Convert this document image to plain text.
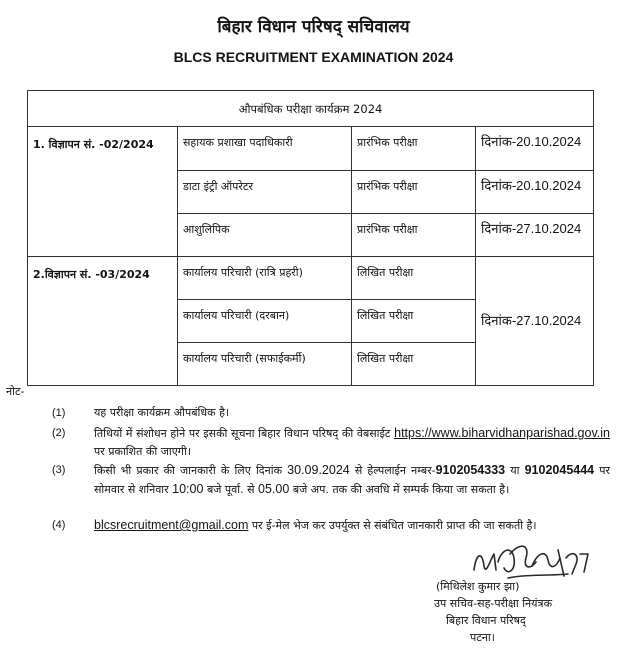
बिहार विधान परिषद् सचिवालय
BLCS RECRUITMENT EXAMINATION 2024
औपबंधिक परीक्षा कार्यक्रम 2024			
1. विज्ञापन सं. -02/2024	सहायक प्रशाखा पदाधिकारी	प्रारंभिक परीक्षा	दिनांक-20.10.2024
	डाटा इंट्री ऑपरेटर	प्रारंभिक परीक्षा	दिनांक-20.10.2024
	आशुलिपिक	प्रारंभिक परीक्षा	दिनांक-27.10.2024
2.विज्ञापन सं. -03/2024	कार्यालय परिचारी (रात्रि प्रहरी)	लिखित परीक्षा	दिनांक-27.10.2024
	कार्यालय परिचारी (दरबान)	लिखित परीक्षा	
	कार्यालय परिचारी (सफाईकर्मी)	लिखित परीक्षा	
नोट-
(1)	यह परीक्षा कार्यक्रम औपबंधिक है।
(2)	तिथियों में संशोधन होने पर इसकी सूचना बिहार विधान परिषद् की वेबसाईट https://www.biharvidhanparishad.gov.in पर प्रकाशित की जाएगी।
(3)	किसी भी प्रकार की जानकारी के लिए दिनांक 30.09.2024 से हेल्पलाईन नम्बर-9102054333 या 9102045444 पर सोमवार से शनिवार 10:00 बजे पूर्वा. से 05.00 बजे अप. तक की अवधि में सम्पर्क किया जा सकता है।
(4) blcsrecruitment@gmail.com पर ई-मेल भेज कर उपर्युक्त से संबंधित जानकारी प्राप्त की जा सकती है।
(मिथिलेश कुमार झा)
उप सचिव-सह-परीक्षा नियंत्रक
बिहार विधान परिषद्
पटना।
